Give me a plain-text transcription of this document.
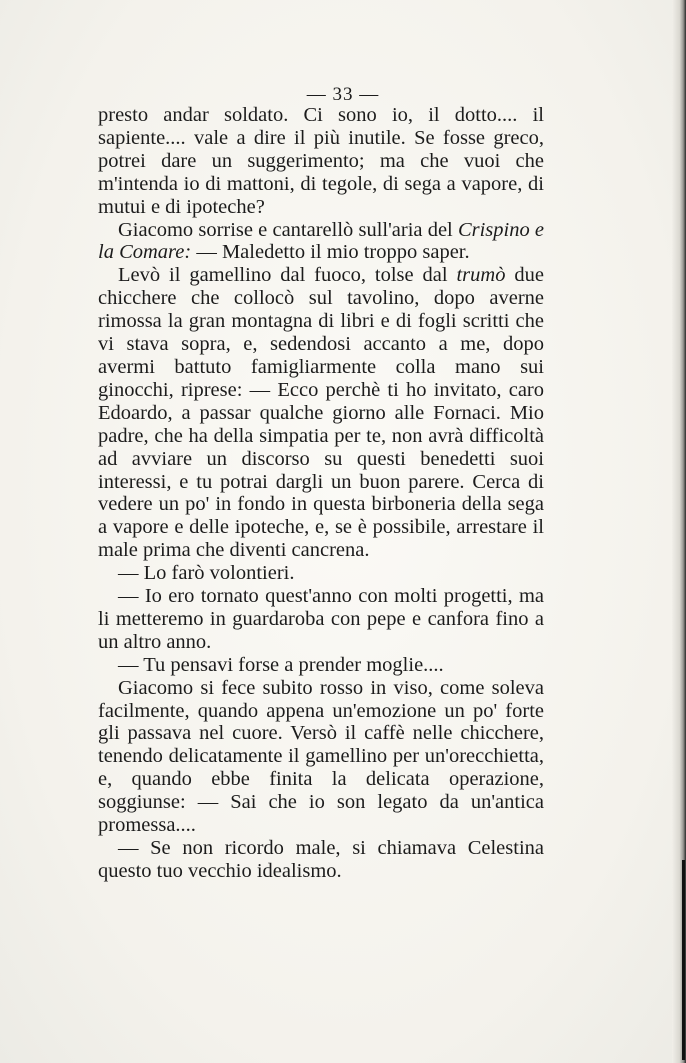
— 33 —

presto andar soldato. Ci sono io, il dotto.... il sapiente.... vale a dire il più inutile. Se fosse greco, potrei dare un suggerimento; ma che vuoi che m'intenda io di mattoni, di tegole, di sega a vapore, di mutui e di ipoteche?

Giacomo sorrise e cantarellò sull'aria del Crispino e la Comare: — Maledetto il mio troppo saper.

Levò il gamellino dal fuoco, tolse dal trumò due chicchere che collocò sul tavolino, dopo averne rimossa la gran montagna di libri e di fogli scritti che vi stava sopra, e, sedendosi accanto a me, dopo avermi battuto famigliarmente colla mano sui ginocchi, riprese: — Ecco perchè ti ho invitato, caro Edoardo, a passar qualche giorno alle Fornaci. Mio padre, che ha della simpatia per te, non avrà difficoltà ad avviare un discorso su questi benedetti suoi interessi, e tu potrai dargli un buon parere. Cerca di vedere un po' in fondo in questa birboneria della sega a vapore e delle ipoteche, e, se è possibile, arrestare il male prima che diventi cancrena.

— Lo farò volontieri.

— Io ero tornato quest'anno con molti progetti, ma li metteremo in guardaroba con pepe e canfora fino a un altro anno.

— Tu pensavi forse a prender moglie....

Giacomo si fece subito rosso in viso, come soleva facilmente, quando appena un'emozione un po' forte gli passava nel cuore. Versò il caffè nelle chicchere, tenendo delicatamente il gamellino per un'orecchietta, e, quando ebbe finita la delicata operazione, soggiunse: — Sai che io son legato da un'antica promessa....

— Se non ricordo male, si chiamava Celestina questo tuo vecchio idealismo.
